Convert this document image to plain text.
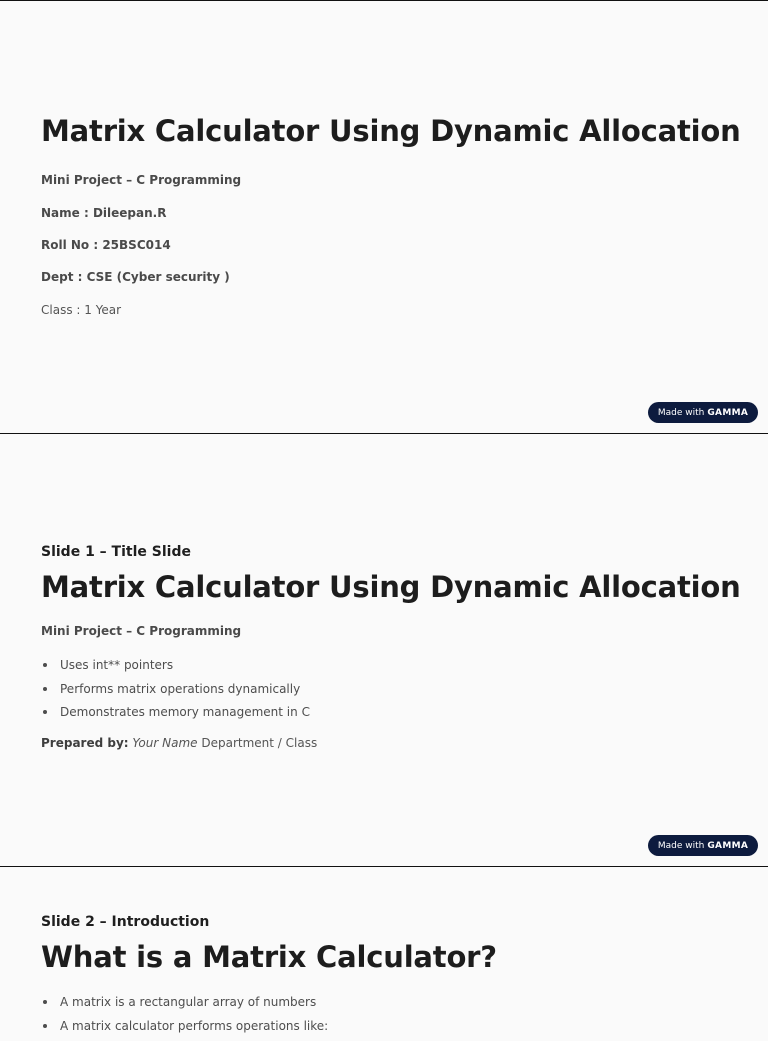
Matrix Calculator Using Dynamic Allocation
Mini Project – C Programming
Name : Dileepan.R
Roll No : 25BSC014
Dept : CSE (Cyber security )
Class : 1 Year
Made with GAMMA
Slide 1 – Title Slide
Matrix Calculator Using Dynamic Allocation
Mini Project – C Programming
Uses int** pointers
Performs matrix operations dynamically
Demonstrates memory management in C
Prepared by: Your Name Department / Class
Made with GAMMA
Slide 2 – Introduction
What is a Matrix Calculator?
A matrix is a rectangular array of numbers
A matrix calculator performs operations like:
